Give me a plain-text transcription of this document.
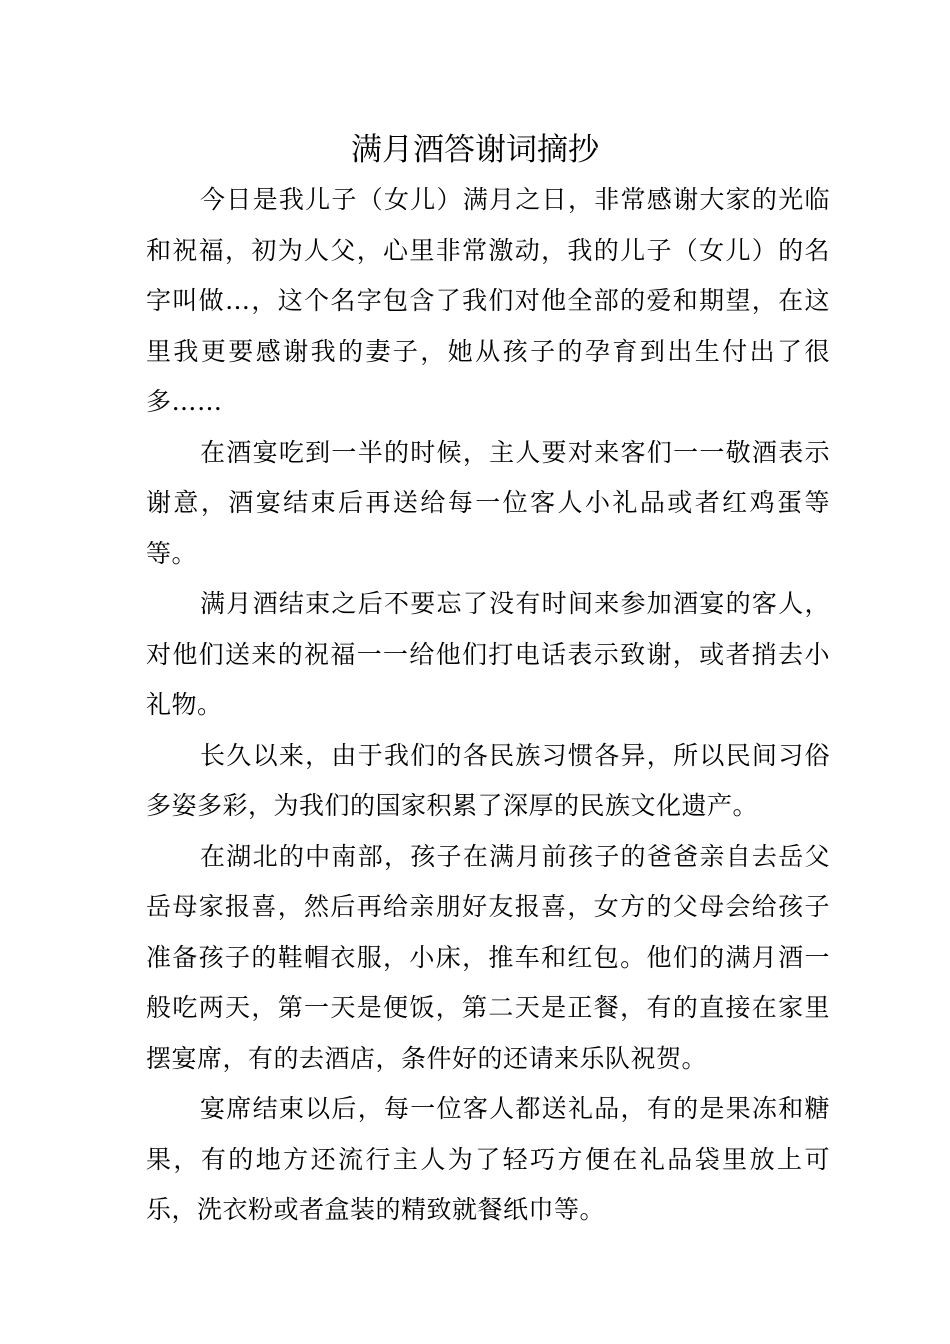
满月酒答谢词摘抄

今日是我儿子（女儿）满月之日，非常感谢大家的光临和祝福，初为人父，心里非常激动，我的儿子（女儿）的名字叫做…，这个名字包含了我们对他全部的爱和期望，在这里我更要感谢我的妻子，她从孩子的孕育到出生付出了很多……

在酒宴吃到一半的时候，主人要对来客们一一敬酒表示谢意，酒宴结束后再送给每一位客人小礼品或者红鸡蛋等等。

满月酒结束之后不要忘了没有时间来参加酒宴的客人，对他们送来的祝福一一给他们打电话表示致谢，或者捎去小礼物。

长久以来，由于我们的各民族习惯各异，所以民间习俗多姿多彩，为我们的国家积累了深厚的民族文化遗产。

在湖北的中南部，孩子在满月前孩子的爸爸亲自去岳父岳母家报喜，然后再给亲朋好友报喜，女方的父母会给孩子准备孩子的鞋帽衣服，小床，推车和红包。他们的满月酒一般吃两天，第一天是便饭，第二天是正餐，有的直接在家里摆宴席，有的去酒店，条件好的还请来乐队祝贺。

宴席结束以后，每一位客人都送礼品，有的是果冻和糖果，有的地方还流行主人为了轻巧方便在礼品袋里放上可乐，洗衣粉或者盒装的精致就餐纸巾等。
